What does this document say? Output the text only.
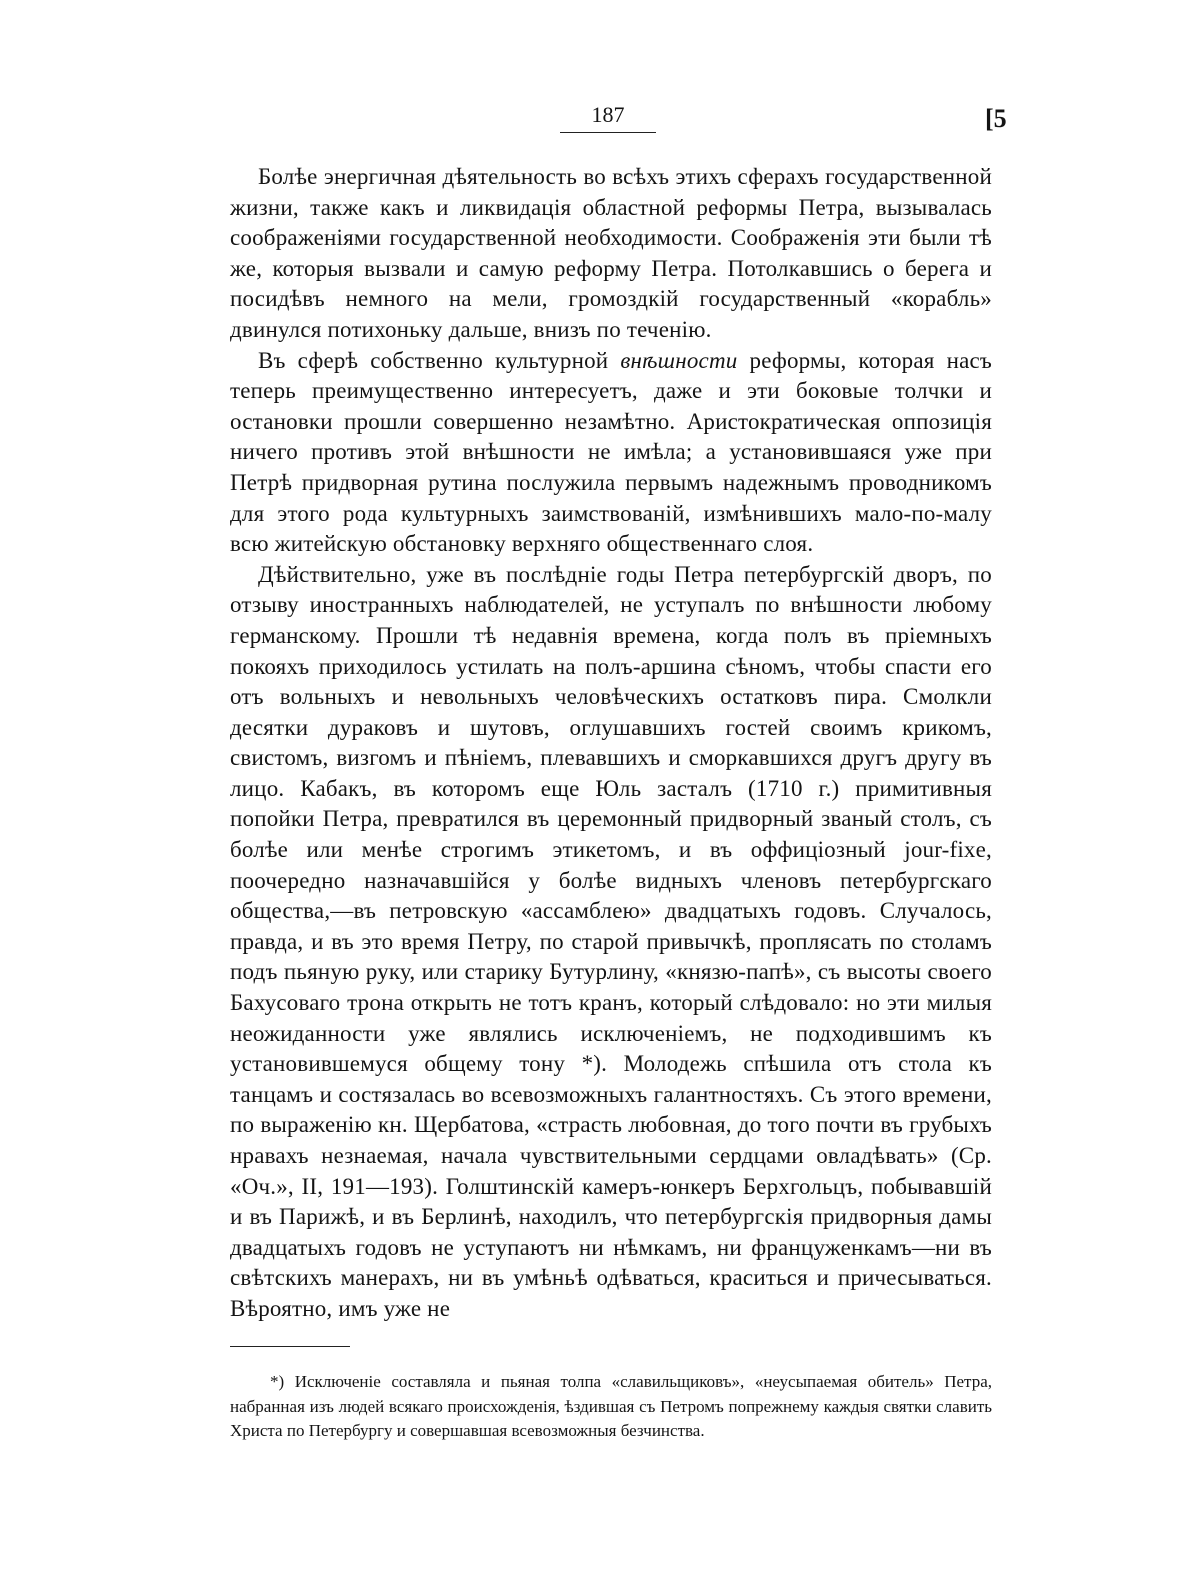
187	[5

Болѣе энергичная дѣятельность во всѣхъ этихъ сферахъ государственной жизни, также какъ и ликвидація областной реформы Петра, вызывалась соображеніями государственной необходимости. Соображенія эти были тѣ же, которыя вызвали и самую реформу Петра. Потолкавшись о берега и посидѣвъ немного на мели, громоздкій государственный «корабль» двинулся потихоньку дальше, внизъ по теченію.

Въ сферѣ собственно культурной внѣшности реформы, которая насъ теперь преимущественно интересуетъ, даже и эти боковые толчки и остановки прошли совершенно незамѣтно. Аристократическая оппозиція ничего противъ этой внѣшности не имѣла; а установившаяся уже при Петрѣ придворная рутина послужила первымъ надежнымъ проводникомъ для этого рода культурныхъ заимствованій, измѣнившихъ мало-по-малу всю житейскую обстановку верхняго общественнаго слоя.

Дѣйствительно, уже въ послѣдніе годы Петра петербургскій дворъ, по отзыву иностранныхъ наблюдателей, не уступалъ по внѣшности любому германскому. Прошли тѣ недавнія времена, когда полъ въ пріемныхъ покояхъ приходилось устилать на полъ-аршина сѣномъ, чтобы спасти его отъ вольныхъ и невольныхъ человѣческихъ остатковъ пира. Смолкли десятки дураковъ и шутовъ, оглушавшихъ гостей своимъ крикомъ, свистомъ, визгомъ и пѣніемъ, плевавшихъ и сморкавшихся другъ другу въ лицо. Кабакъ, въ которомъ еще Юль засталъ (1710 г.) примитивныя попойки Петра, превратился въ церемонный придворный званый столъ, съ болѣе или менѣе строгимъ этикетомъ, и въ оффиціозный jour-fixe, поочередно назначавшійся у болѣе видныхъ членовъ петербургскаго общества,—въ петровскую «ассамблею» двадцатыхъ годовъ. Случалось, правда, и въ это время Петру, по старой привычкѣ, проплясать по столамъ подъ пьяную руку, или старику Бутурлину, «князю-папѣ», съ высоты своего Бахусоваго трона открыть не тотъ кранъ, который слѣдовало: но эти милыя неожиданности уже являлись исключеніемъ, не подходившимъ къ установившемуся общему тону *). Молодежь спѣшила отъ стола къ танцамъ и состязалась во всевозможныхъ галантностяхъ. Съ этого времени, по выраженію кн. Щербатова, «страсть любовная, до того почти въ грубыхъ нравахъ незнаемая, начала чувствительными сердцами овладѣвать» (Ср. «Оч.», II, 191—193). Голштинскій камеръ-юнкеръ Берхгольцъ, побывавшій и въ Парижѣ, и въ Берлинѣ, находилъ, что петербургскія придворныя дамы двадцатыхъ годовъ не уступаютъ ни нѣмкамъ, ни француженкамъ—ни въ свѣтскихъ манерахъ, ни въ умѣньѣ одѣваться, краситься и причесываться. Вѣроятно, имъ уже не

*) Исключеніе составляла и пьяная толпа «славильщиковъ», «неусыпаемая обитель» Петра, набранная изъ людей всякаго происхожденія, ѣздившая съ Петромъ попрежнему каждыя святки славить Христа по Петербургу и совершавшая всевозможныя безчинства.
